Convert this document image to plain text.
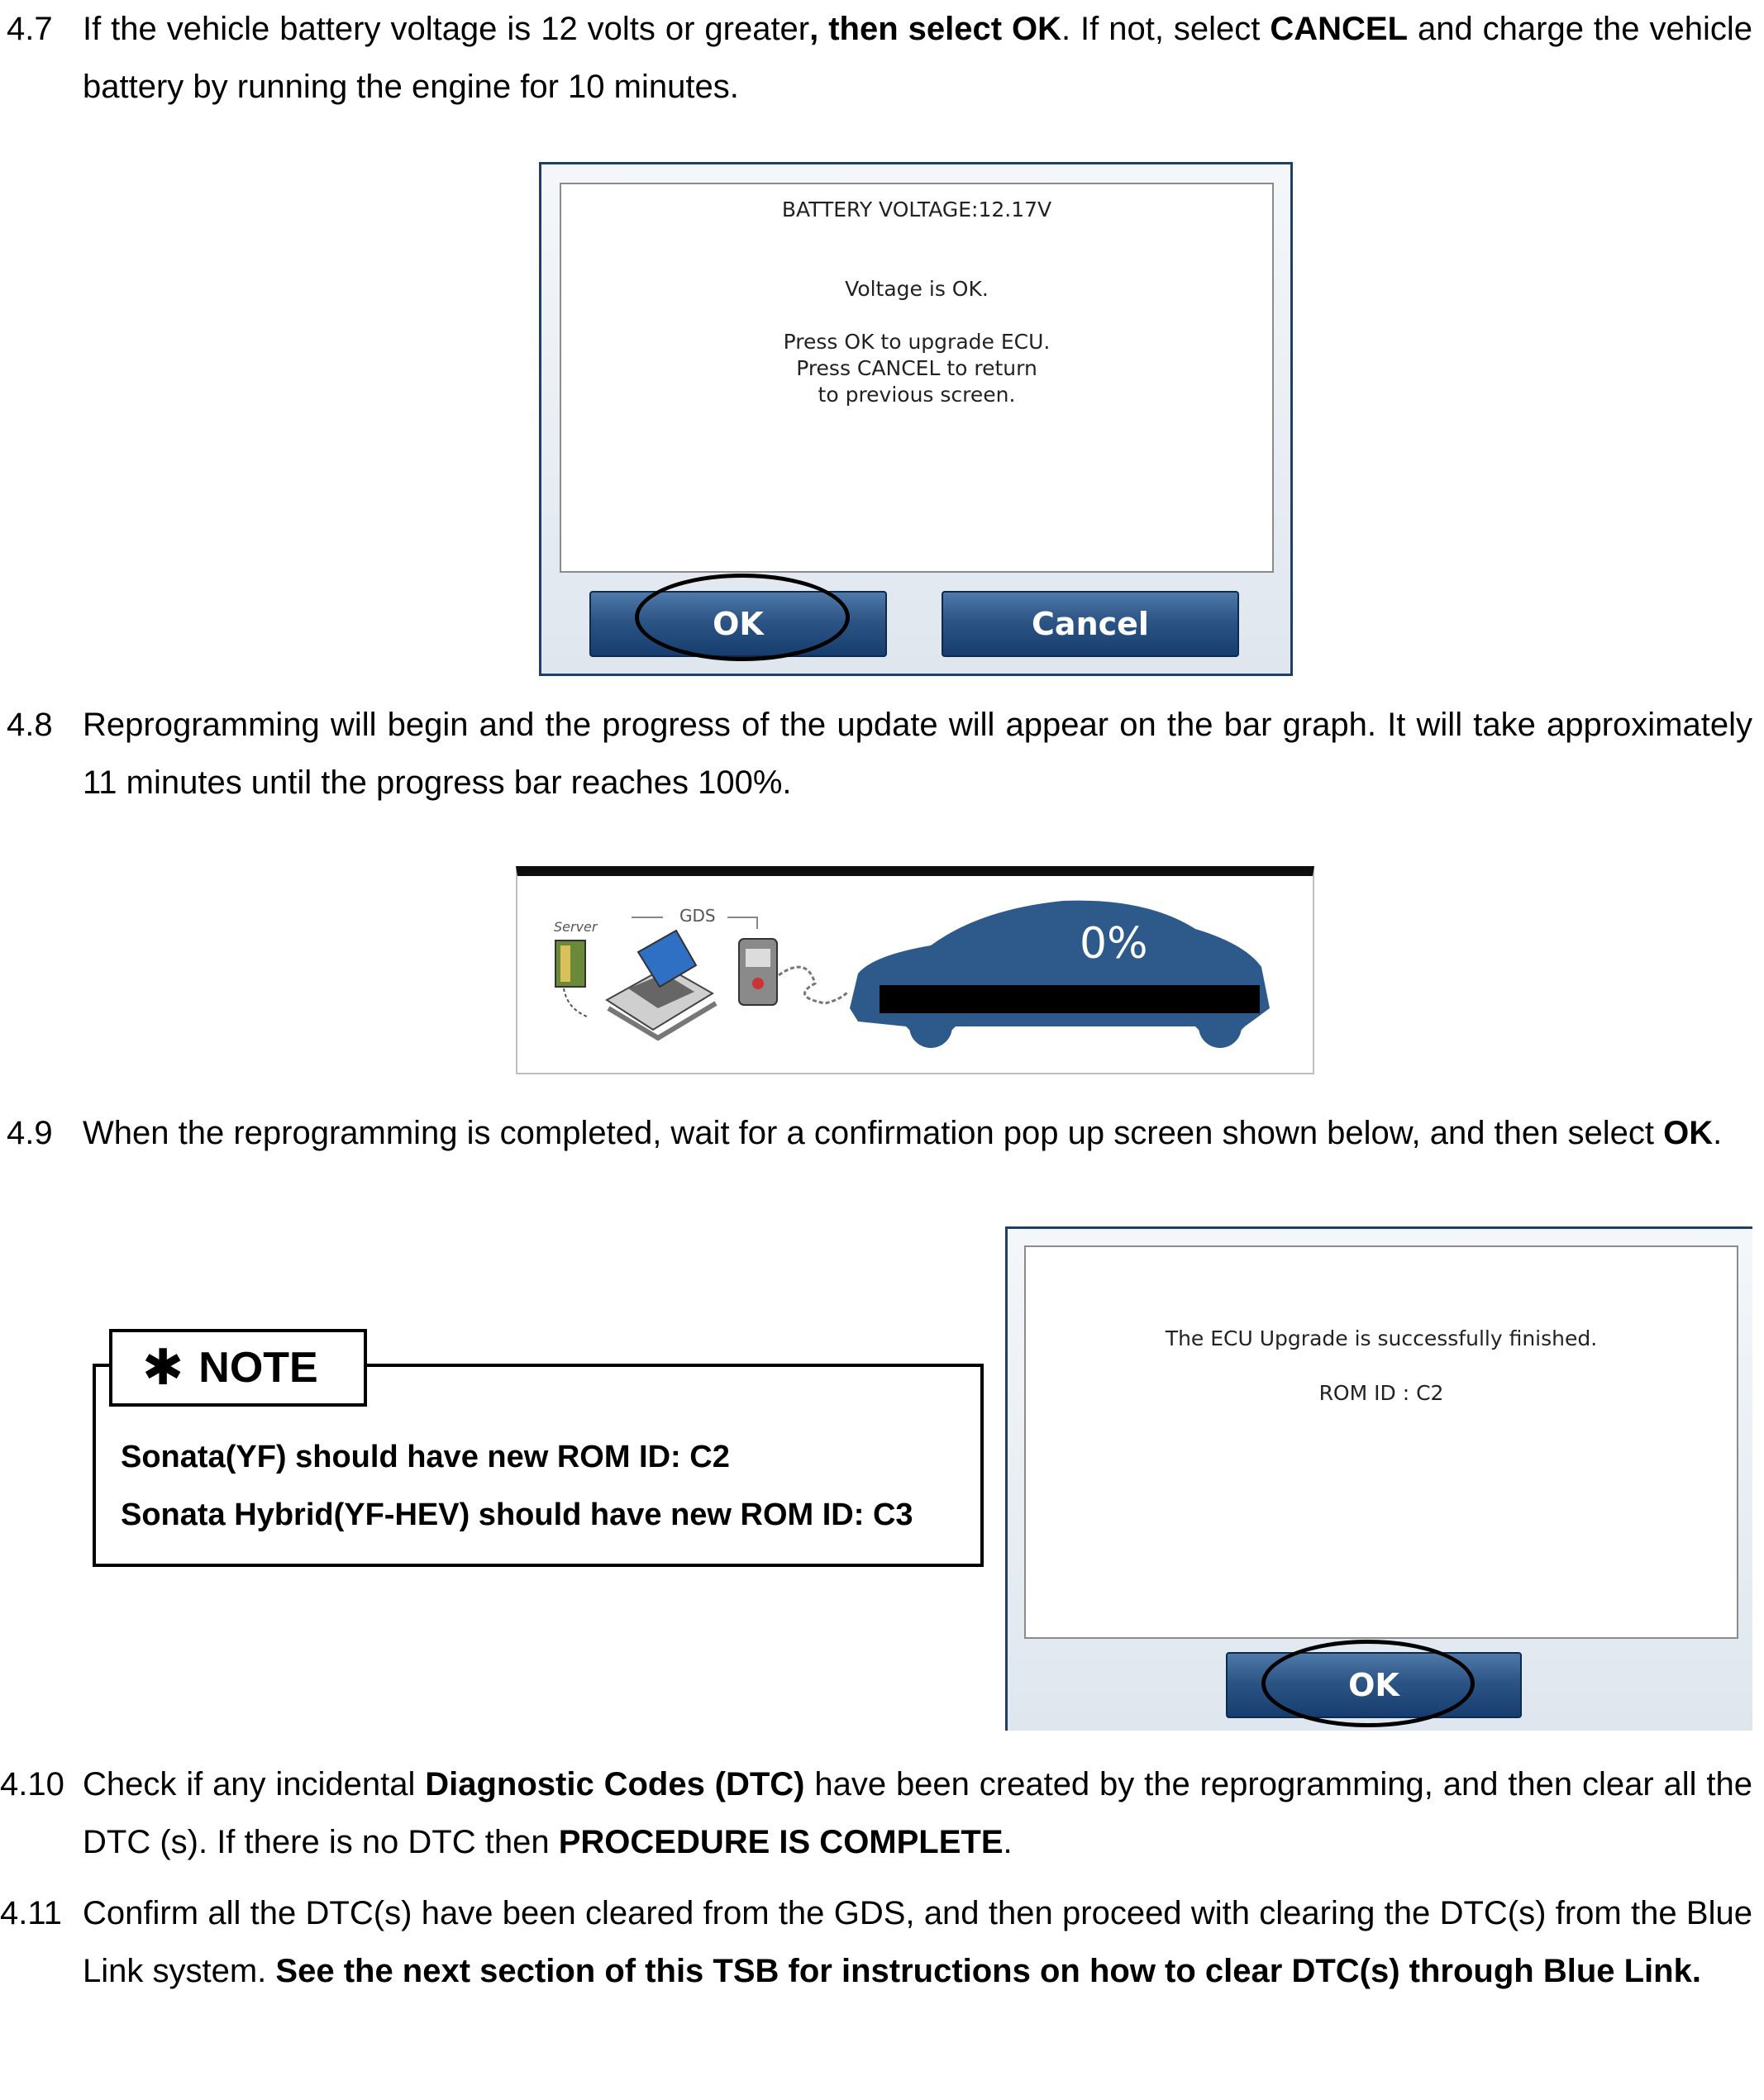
4.7 If the vehicle battery voltage is 12 volts or greater, then select OK. If not, select CANCEL and charge the vehicle battery by running the engine for 10 minutes.
BATTERY VOLTAGE:12.17V
Voltage is OK.
Press OK to upgrade ECU.
Press CANCEL to return
to previous screen.
OK	Cancel
4.8 Reprogramming will begin and the progress of the update will appear on the bar graph. It will take approximately 11 minutes until the progress bar reaches 100%.
Server
GDS
0%
4.9 When the reprogramming is completed, wait for a confirmation pop up screen shown below, and then select OK.
Sonata(YF) should have new ROM ID: C2
Sonata Hybrid(YF-HEV) should have new ROM ID: C3
✱ NOTE
The ECU Upgrade is successfully finished.
ROM ID : C2
OK
4.10 Check if any incidental Diagnostic Codes (DTC) have been created by the reprogramming, and then clear all the DTC (s). If there is no DTC then PROCEDURE IS COMPLETE.
4.11 Confirm all the DTC(s) have been cleared from the GDS, and then proceed with clearing the DTC(s) from the Blue Link system. See the next section of this TSB for instructions on how to clear DTC(s) through Blue Link.
